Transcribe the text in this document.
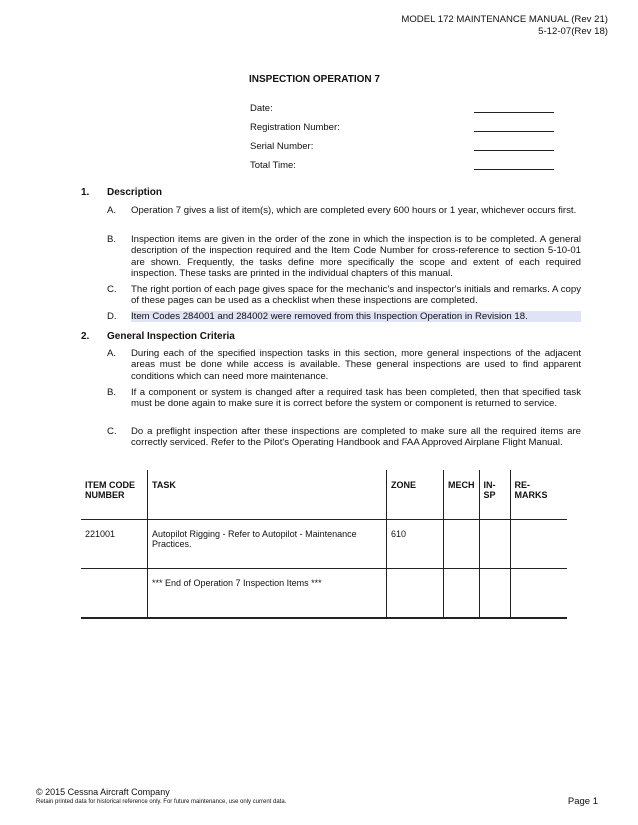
MODEL 172 MAINTENANCE MANUAL (Rev 21)
5-12-07(Rev 18)
INSPECTION OPERATION 7
Date:
Registration Number:
Serial Number:
Total Time:
1. Description
A. Operation 7 gives a list of item(s), which are completed every 600 hours or 1 year, whichever occurs first.
B. Inspection items are given in the order of the zone in which the inspection is to be completed. A general description of the inspection required and the Item Code Number for cross-reference to section 5-10-01 are shown. Frequently, the tasks define more specifically the scope and extent of each required inspection. These tasks are printed in the individual chapters of this manual.
C. The right portion of each page gives space for the mechanic's and inspector's initials and remarks. A copy of these pages can be used as a checklist when these inspections are completed.
D. Item Codes 284001 and 284002 were removed from this Inspection Operation in Revision 18.
2. General Inspection Criteria
A. During each of the specified inspection tasks in this section, more general inspections of the adjacent areas must be done while access is available. These general inspections are used to find apparent conditions which can need more maintenance.
B. If a component or system is changed after a required task has been completed, then that specified task must be done again to make sure it is correct before the system or component is returned to service.
C. Do a preflight inspection after these inspections are completed to make sure all the required items are correctly serviced. Refer to the Pilot's Operating Handbook and FAA Approved Airplane Flight Manual.
ITEM CODE NUMBER	TASK	ZONE	MECH	IN- SP	RE- MARKS
221001	Autopilot Rigging - Refer to Autopilot - Maintenance Practices.	610			
	*** End of Operation 7 Inspection Items ***				
© 2015 Cessna Aircraft Company
Retain printed data for historical reference only. For future maintenance, use only current data.	Page 1
